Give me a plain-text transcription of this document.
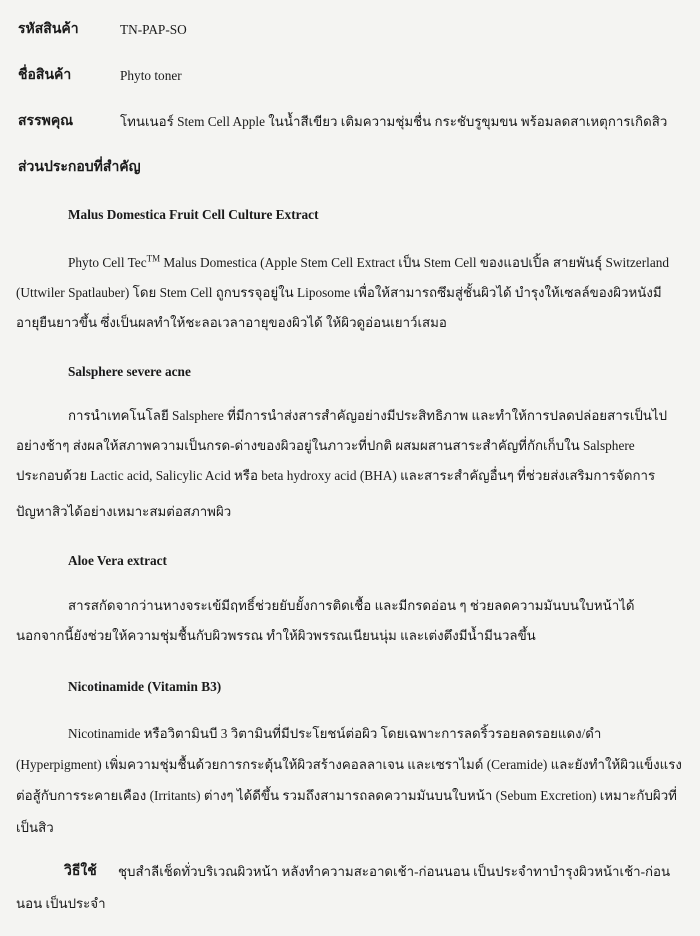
รหัสสินค้า	TN-PAP-SO
ชื่อสินค้า	Phyto toner
สรรพคุณ	โทนเนอร์ Stem Cell Apple ในน้ำสีเขียว เติมความชุ่มชื่น กระชับรูขุมขน พร้อมลดสาเหตุการเกิดสิว
ส่วนประกอบที่สำคัญ
Malus Domestica Fruit Cell Culture Extract
Phyto Cell Tec™ Malus Domestica (Apple Stem Cell Extract เป็น Stem Cell ของแอปเปิ้ล สายพันธุ์ Switzerland
(Uttwiler Spatlauber) โดย Stem Cell ถูกบรรจุอยู่ใน Liposome เพื่อให้สามารถซึมสู่ชั้นผิวได้ บำรุงให้เซลล์ของผิวหนังมี
อายุยืนยาวขึ้น ซึ่งเป็นผลทำให้ชะลอเวลาอายุของผิวได้ ให้ผิวดูอ่อนเยาว์เสมอ
Salsphere severe acne
การนำเทคโนโลยี Salsphere ที่มีการนำส่งสารสำคัญอย่างมีประสิทธิภาพ และทำให้การปลดปล่อยสารเป็นไป
อย่างช้าๆ ส่งผลให้สภาพความเป็นกรด-ด่างของผิวอยู่ในภาวะที่ปกติ ผสมผสานสาระสำคัญที่กักเก็บใน Salsphere
ประกอบด้วย Lactic acid, Salicylic Acid หรือ beta hydroxy acid (BHA) และสาระสำคัญอื่นๆ ที่ช่วยส่งเสริมการจัดการ
ปัญหาสิวได้อย่างเหมาะสมต่อสภาพผิว
Aloe Vera extract
สารสกัดจากว่านหางจระเข้มีฤทธิ์ช่วยยับยั้งการติดเชื้อ และมีกรดอ่อน ๆ ช่วยลดความมันบนใบหน้าได้
นอกจากนี้ยังช่วยให้ความชุ่มชื้นกับผิวพรรณ ทำให้ผิวพรรณเนียนนุ่ม และเต่งตึงมีน้ำมีนวลขึ้น
Nicotinamide (Vitamin B3)
Nicotinamide หรือวิตามินบี 3 วิตามินที่มีประโยชน์ต่อผิว โดยเฉพาะการลดริ้วรอยลดรอยแดง/ดำ
(Hyperpigment) เพิ่มความชุ่มชื้นด้วยการกระตุ้นให้ผิวสร้างคอลลาเจน และเซราไมด์ (Ceramide) และยังทำให้ผิวแข็งแรง
ต่อสู้กับการระคายเคือง (Irritants) ต่างๆ ได้ดีขึ้น รวมถึงสามารถลดความมันบนใบหน้า (Sebum Excretion) เหมาะกับผิวที่
เป็นสิว
วิธีใช้ ชุบสำลีเช็ดทั่วบริเวณผิวหน้า หลังทำความสะอาดเช้า-ก่อนนอน เป็นประจำทาบำรุงผิวหน้าเช้า-ก่อน
นอน เป็นประจำ
